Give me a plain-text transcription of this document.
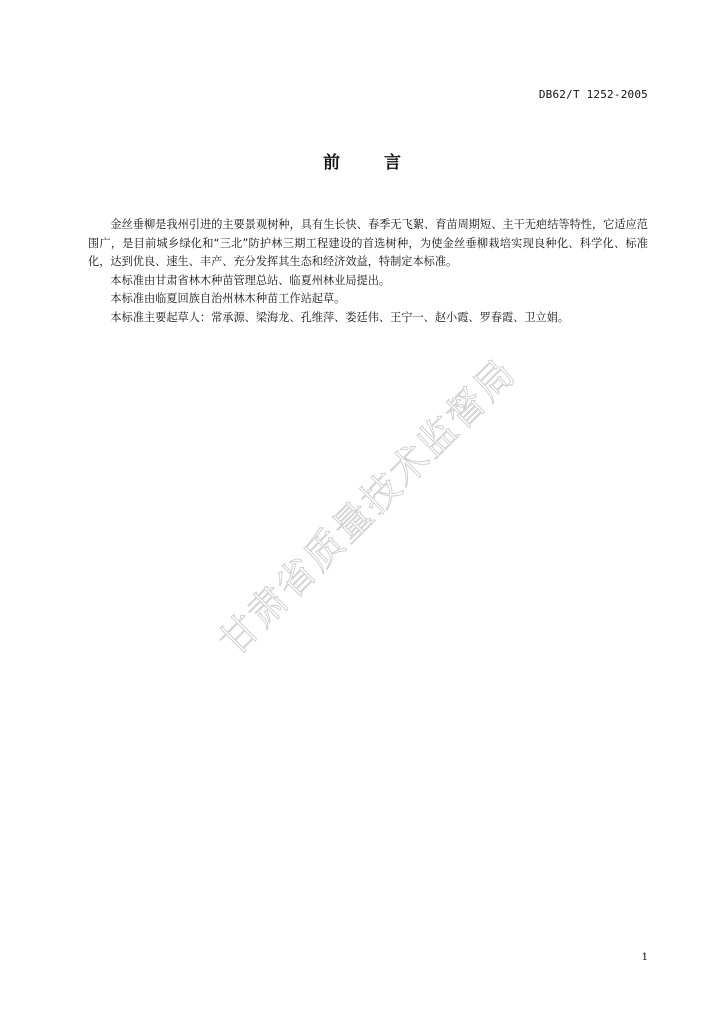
DB62/T 1252-2005
前	言

金丝垂柳是我州引进的主要景观树种，具有生长快、春季无飞絮、育苗周期短、主干无疤结等特性，它适应范围广，是目前城乡绿化和“三北”防护林三期工程建设的首选树种，为使金丝垂柳栽培实现良种化、科学化、标准化，达到优良、速生、丰产、充分发挥其生态和经济效益，特制定本标准。

本标准由甘肃省林木种苗管理总站、临夏州林业局提出。

本标准由临夏回族自治州林木种苗工作站起草。

本标准主要起草人：常承源、梁海龙、孔维萍、娄廷伟、王宁一、赵小霞、罗春霞、卫立娟。

甘肃省质量技术监督局
1
